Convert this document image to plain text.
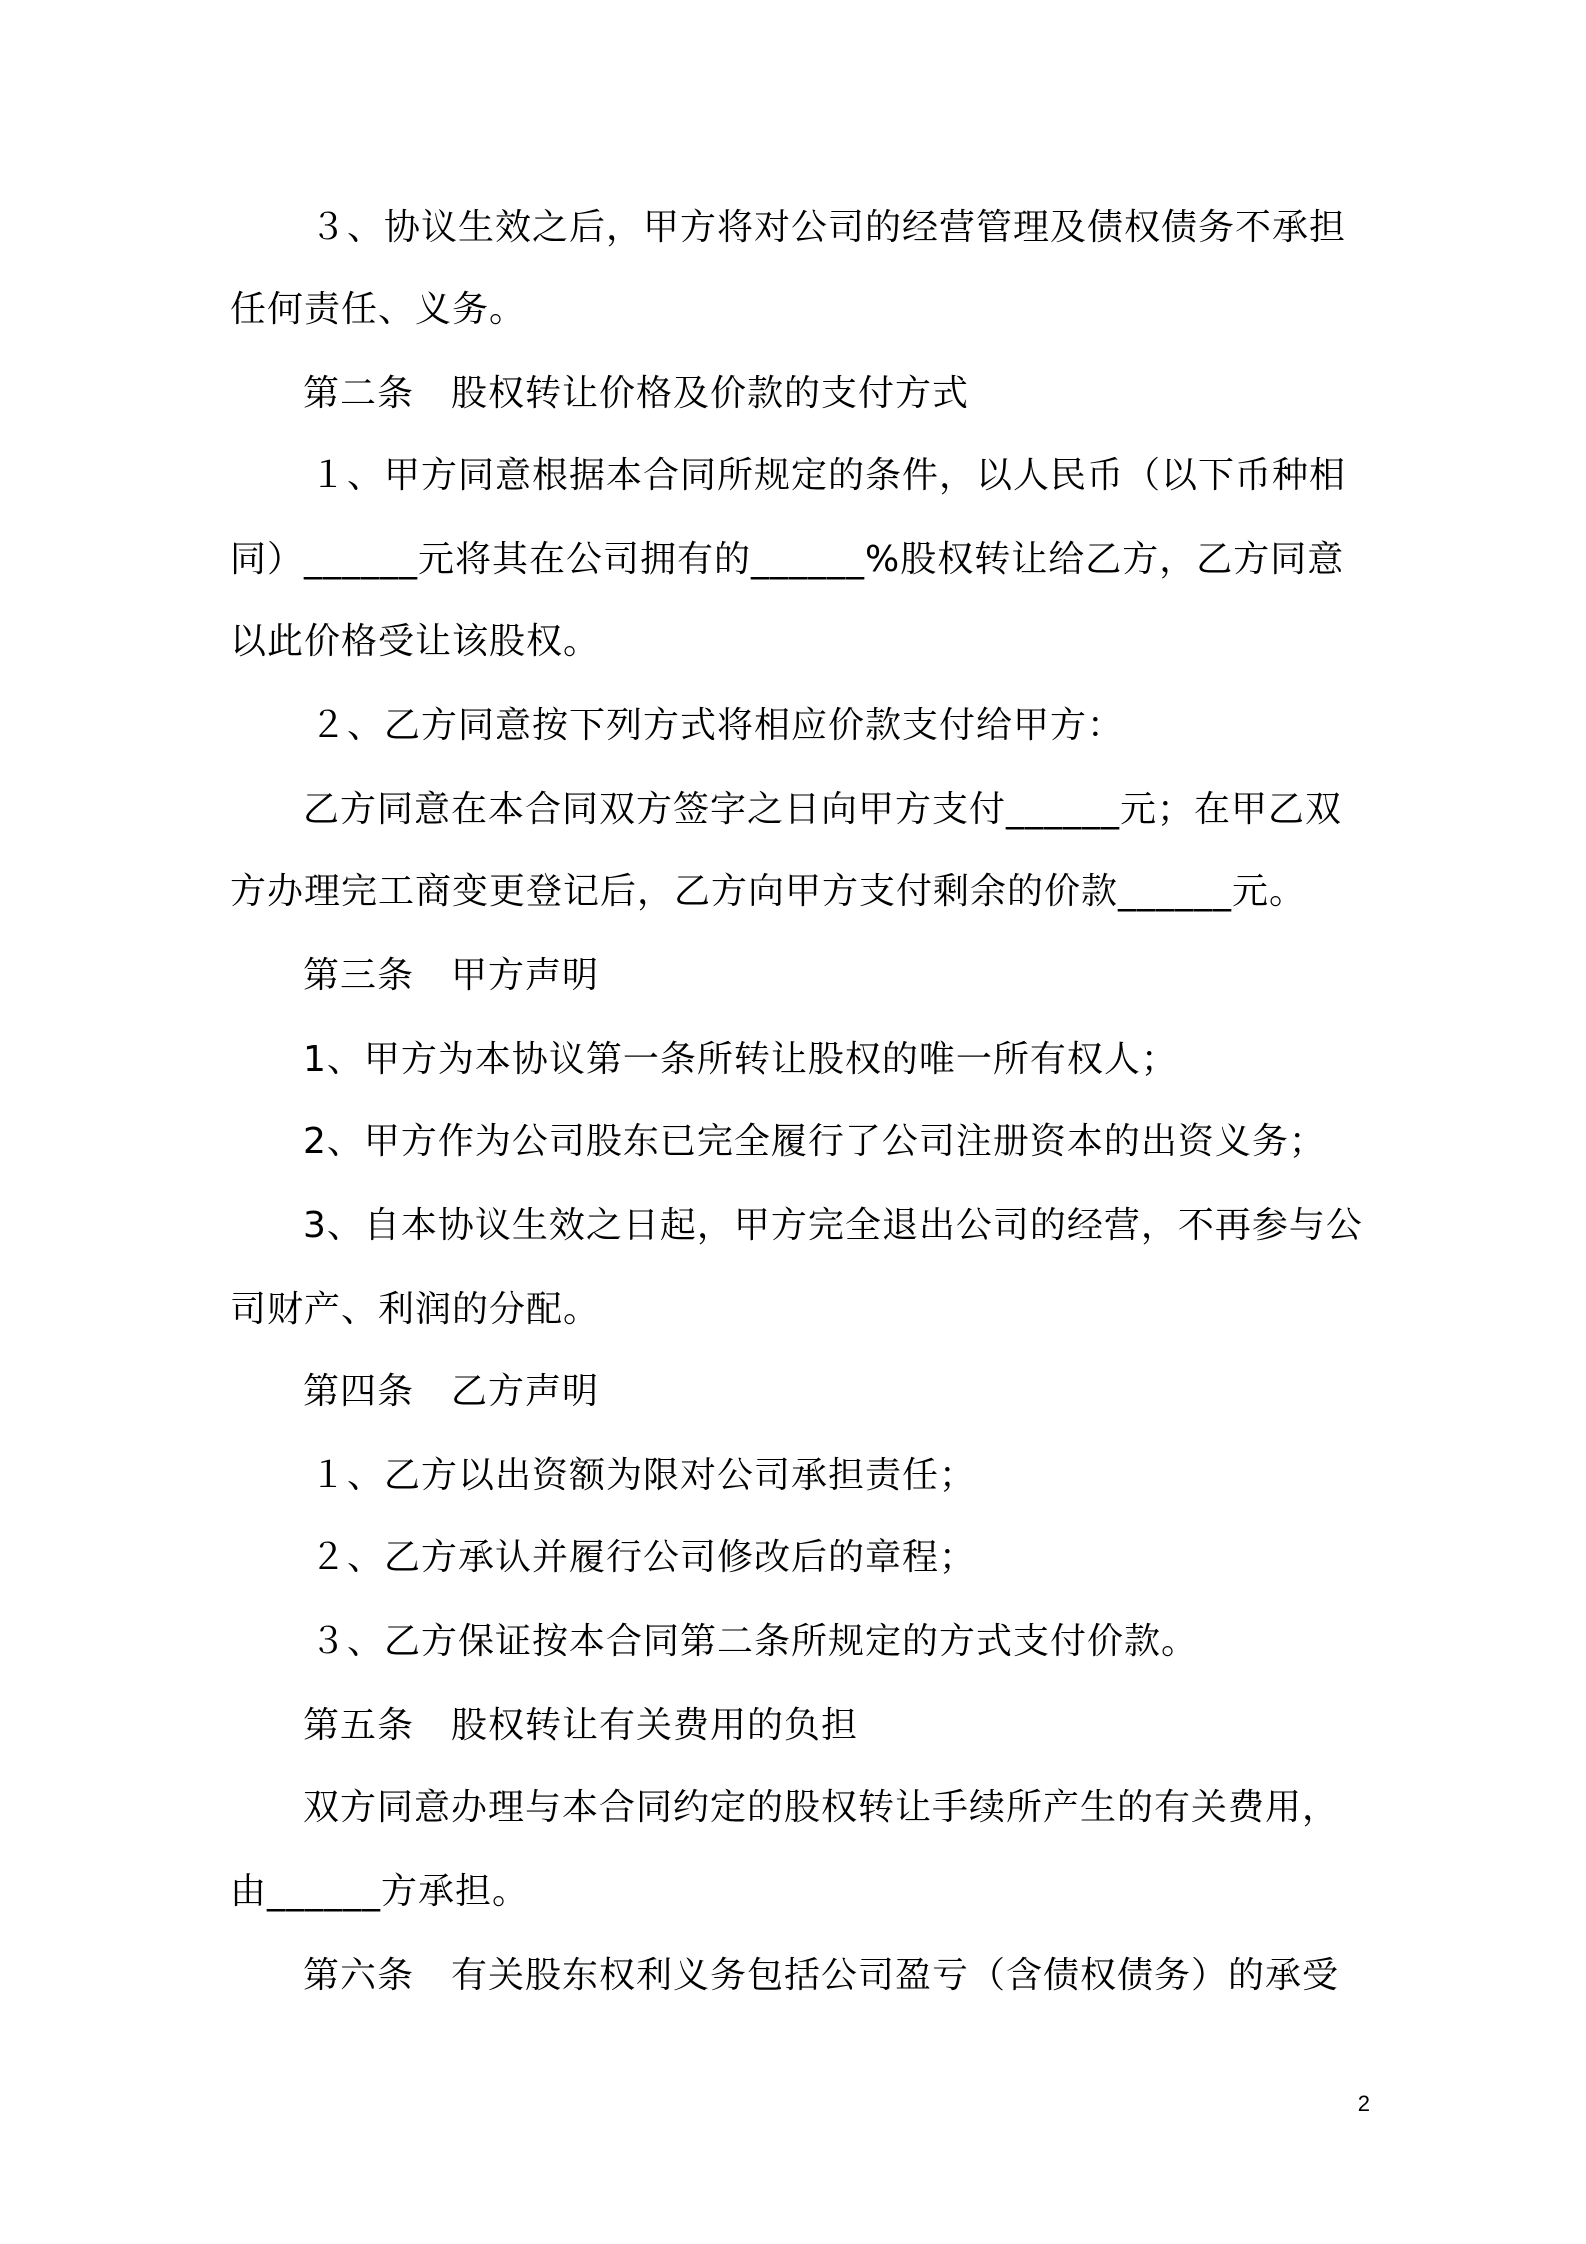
３、协议生效之后，甲方将对公司的经营管理及债权债务不承担
任何责任、义务。
第二条　股权转让价格及价款的支付方式
１、甲方同意根据本合同所规定的条件，以人民币（以下币种相
同）______元将其在公司拥有的______%股权转让给乙方，乙方同意
以此价格受让该股权。
２、乙方同意按下列方式将相应价款支付给甲方：
乙方同意在本合同双方签字之日向甲方支付______元；在甲乙双
方办理完工商变更登记后，乙方向甲方支付剩余的价款______元。
第三条　甲方声明
1、甲方为本协议第一条所转让股权的唯一所有权人；
2、甲方作为公司股东已完全履行了公司注册资本的出资义务；
3、自本协议生效之日起，甲方完全退出公司的经营，不再参与公
司财产、利润的分配。
第四条　乙方声明
１、乙方以出资额为限对公司承担责任；
２、乙方承认并履行公司修改后的章程；
３、乙方保证按本合同第二条所规定的方式支付价款。
第五条　股权转让有关费用的负担
双方同意办理与本合同约定的股权转让手续所产生的有关费用，
由______方承担。
第六条　有关股东权利义务包括公司盈亏（含债权债务）的承受
2
